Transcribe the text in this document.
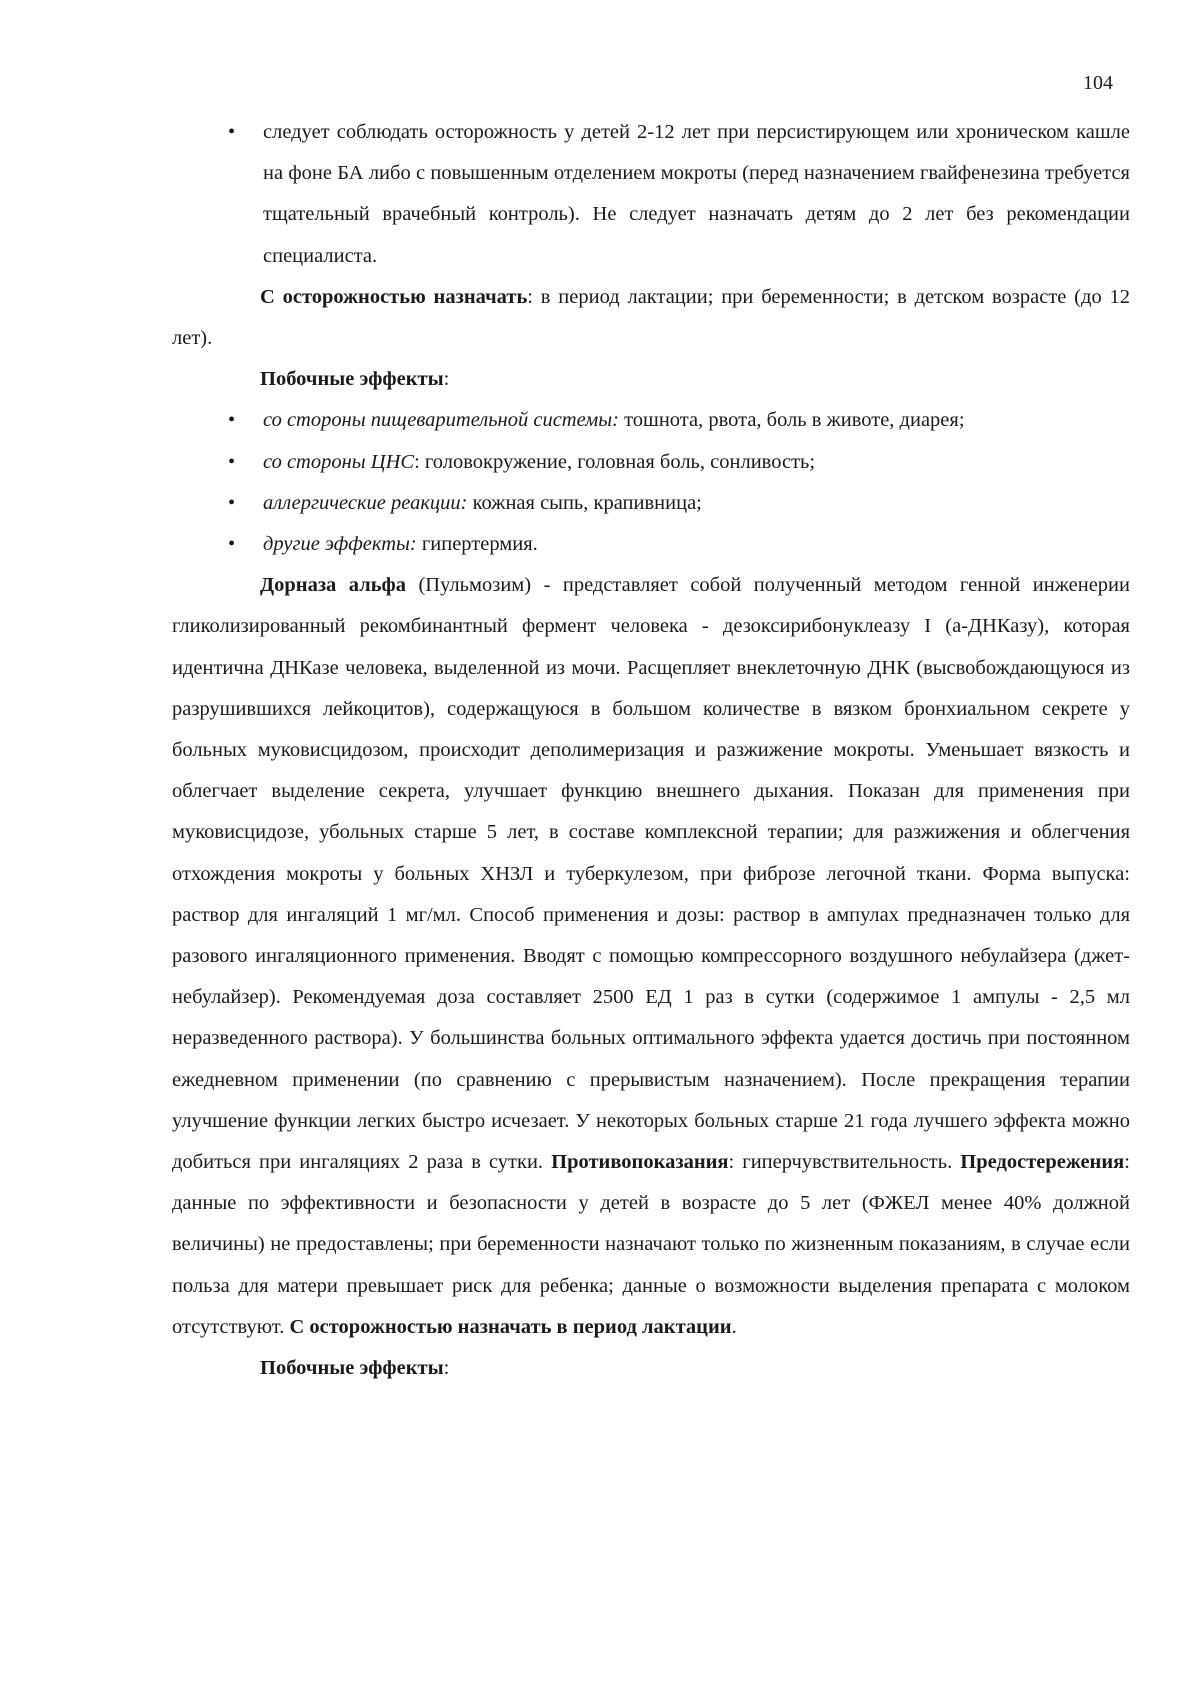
104

• следует соблюдать осторожность у детей 2-12 лет при персистирующем или хроническом кашле на фоне БА либо с повышенным отделением мокроты (перед назначением гвайфенезина требуется тщательный врачебный контроль). Не следует назначать детям до 2 лет без рекомендации специалиста.

С осторожностью назначать: в период лактации; при беременности; в детском возрасте (до 12 лет).

Побочные эффекты:

• со стороны пищеварительной системы: тошнота, рвота, боль в животе, диарея;

• со стороны ЦНС: головокружение, головная боль, сонливость;

• аллергические реакции: кожная сыпь, крапивница;

• другие эффекты: гипертермия.

Дорназа альфа (Пульмозим) - представляет собой полученный методом генной инженерии гликолизированный рекомбинантный фермент человека - дезоксирибонуклеазу I (а-ДНКазу), которая идентична ДНКазе человека, выделенной из мочи. Расщепляет внеклеточную ДНК (высвобождающуюся из разрушившихся лейкоцитов), содержащуюся в большом количестве в вязком бронхиальном секрете у больных муковисцидозом, происходит деполимеризация и разжижение мокроты. Уменьшает вязкость и облегчает выделение секрета, улучшает функцию внешнего дыхания. Показан для применения при муковисцидозе, убольных старше 5 лет, в составе комплексной терапии; для разжижения и облегчения отхождения мокроты у больных ХНЗЛ и туберкулезом, при фиброзе легочной ткани. Форма выпуска: раствор для ингаляций 1 мг/мл. Способ применения и дозы: раствор в ампулах предназначен только для разового ингаляционного применения. Вводят с помощью компрессорного воздушного небулайзера (джет-небулайзер). Рекомендуемая доза составляет 2500 ЕД 1 раз в сутки (содержимое 1 ампулы - 2,5 мл неразведенного раствора). У большинства больных оптимального эффекта удается достичь при постоянном ежедневном применении (по сравнению с прерывистым назначением). После прекращения терапии улучшение функции легких быстро исчезает. У некоторых больных старше 21 года лучшего эффекта можно добиться при ингаляциях 2 раза в сутки. Противопоказания: гиперчувствительность. Предостережения: данные по эффективности и безопасности у детей в возрасте до 5 лет (ФЖЕЛ менее 40% должной величины) не предоставлены; при беременности назначают только по жизненным показаниям, в случае если польза для матери превышает риск для ребенка; данные о возможности выделения препарата с молоком отсутствуют. С осторожностью назначать в период лактации.

Побочные эффекты:
